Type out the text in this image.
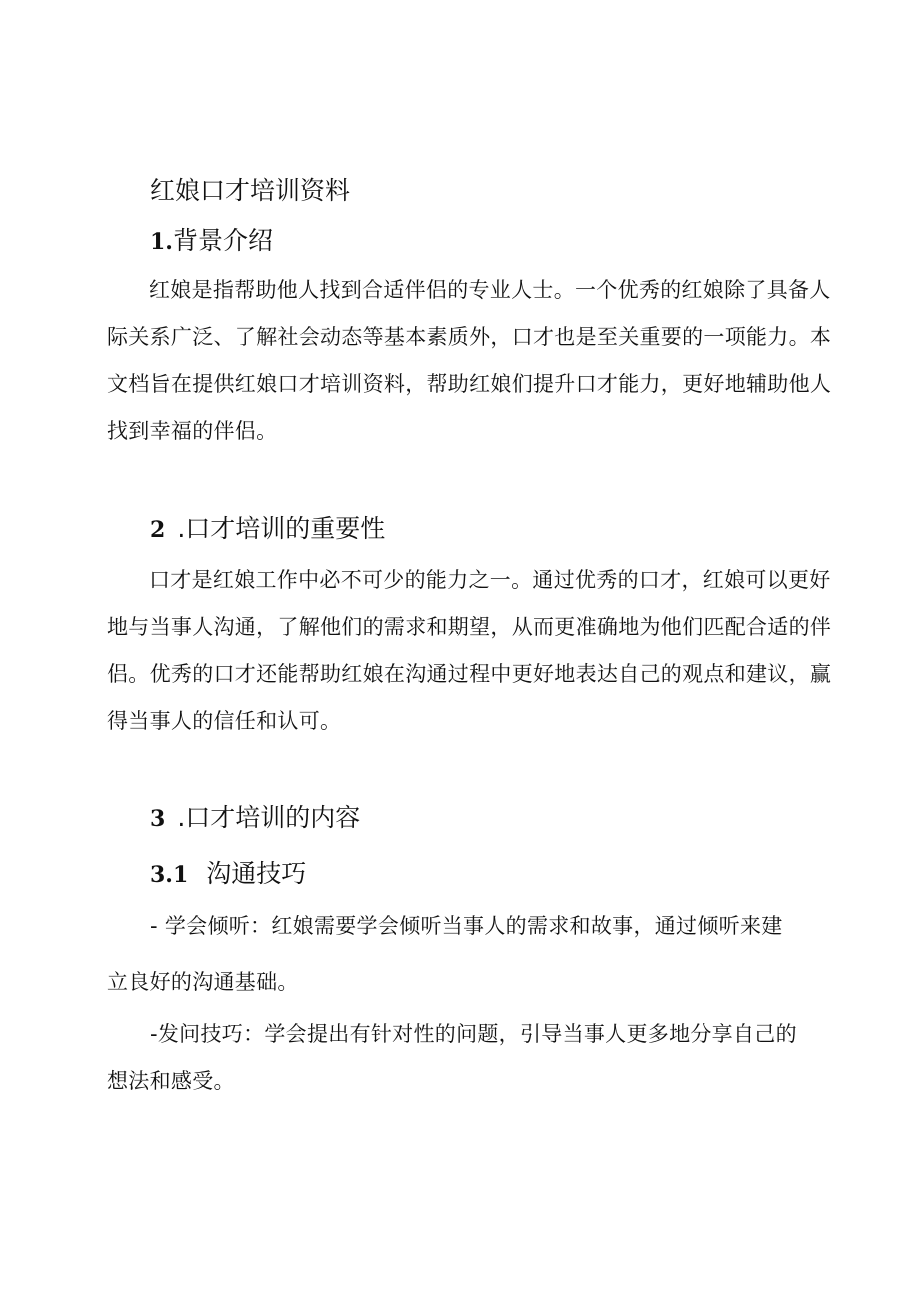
红娘口才培训资料
1.背景介绍

红娘是指帮助他人找到合适伴侣的专业人士。一个优秀的红娘除了具备人际关系广泛、了解社会动态等基本素质外，口才也是至关重要的一项能力。本文档旨在提供红娘口才培训资料，帮助红娘们提升口才能力，更好地辅助他人找到幸福的伴侣。

2 .口才培训的重要性

口才是红娘工作中必不可少的能力之一。通过优秀的口才，红娘可以更好地与当事人沟通，了解他们的需求和期望，从而更准确地为他们匹配合适的伴侣。优秀的口才还能帮助红娘在沟通过程中更好地表达自己的观点和建议，赢得当事人的信任和认可。

3 .口才培训的内容
3.1 沟通技巧
- 学会倾听：红娘需要学会倾听当事人的需求和故事，通过倾听来建
立良好的沟通基础。
-发问技巧：学会提出有针对性的问题，引导当事人更多地分享自己的
想法和感受。
